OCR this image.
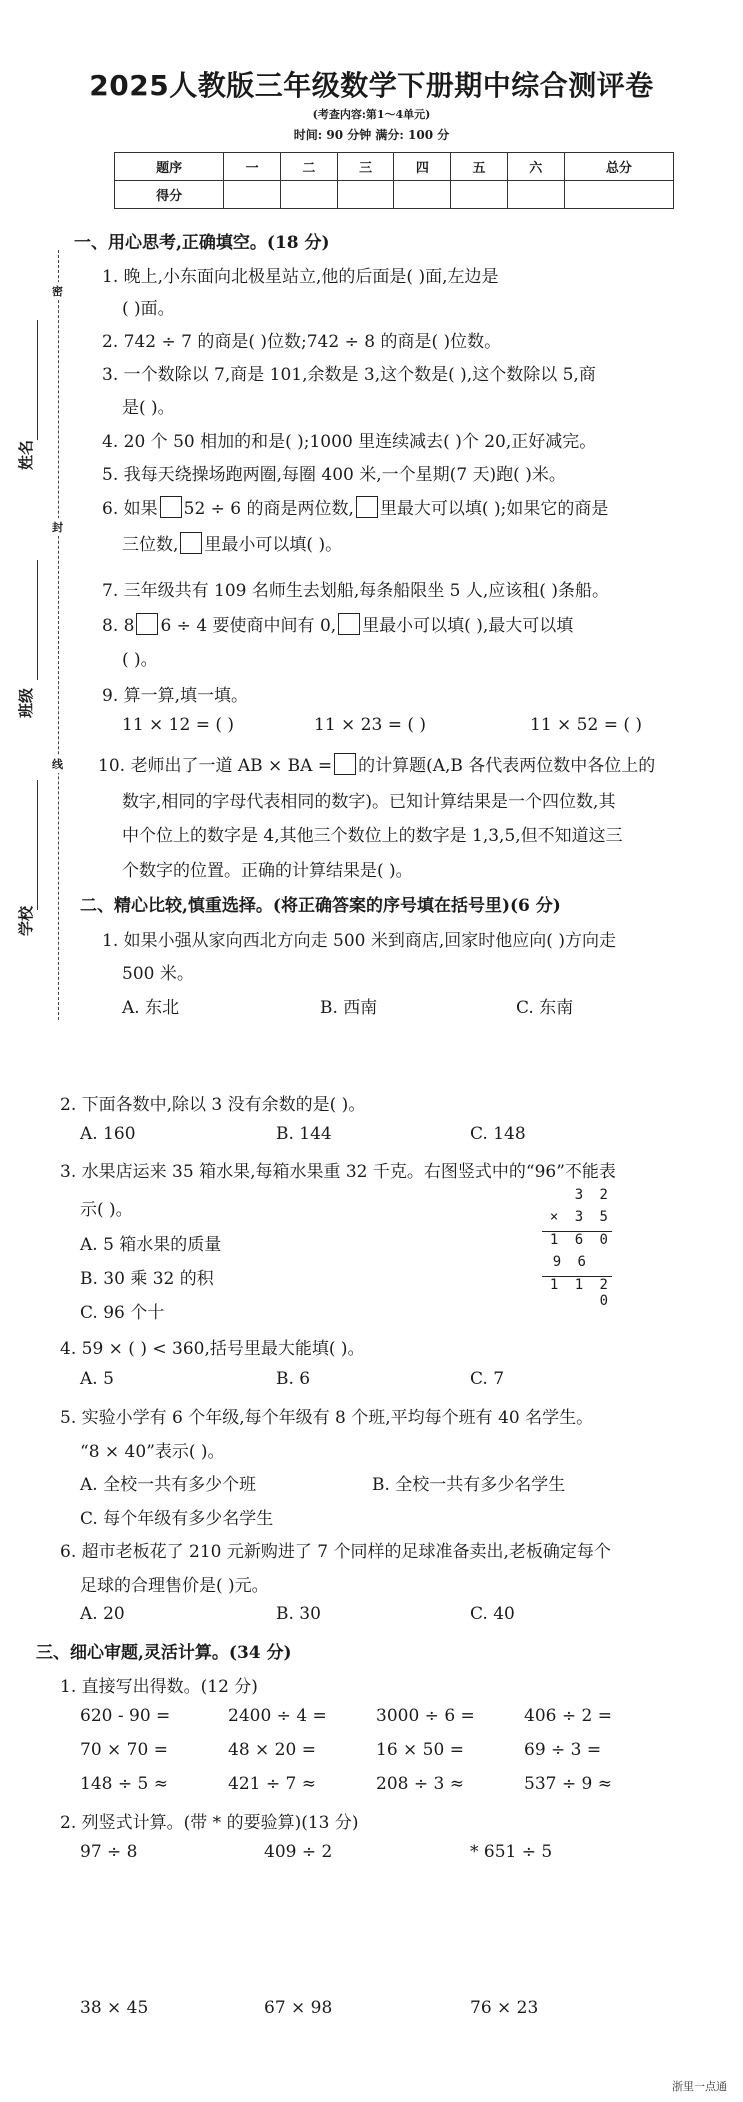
2025人教版三年级数学下册期中综合测评卷
(考查内容:第1～4单元)
时间: 90 分钟 满分: 100 分
题序	一	二	三	四	五	六	总分
得分							
密
封
线
姓名
班级
学校
一、用心思考,正确填空。(18 分)
1. 晚上,小东面向北极星站立,他的后面是( )面,左边是
( )面。
2. 742 ÷ 7 的商是( )位数;742 ÷ 8 的商是( )位数。
3. 一个数除以 7,商是 101,余数是 3,这个数是( ),这个数除以 5,商
是( )。
4. 20 个 50 相加的和是( );1000 里连续减去( )个 20,正好减完。
5. 我每天绕操场跑两圈,每圈 400 米,一个星期(7 天)跑( )米。
6. 如果 52 ÷ 6 的商是两位数, 里最大可以填( );如果它的商是
三位数, 里最小可以填( )。
7. 三年级共有 109 名师生去划船,每条船限坐 5 人,应该租( )条船。
8. 8 6 ÷ 4 要使商中间有 0, 里最小可以填( ),最大可以填
( )。
9. 算一算,填一填。
11 × 12 = ( )	11 × 23 = ( )	11 × 52 = ( )
10. 老师出了一道 AB × BA = 的计算题(A,B 各代表两位数中各位上的
数字,相同的字母代表相同的数字)。已知计算结果是一个四位数,其
中个位上的数字是 4,其他三个数位上的数字是 1,3,5,但不知道这三
个数字的位置。正确的计算结果是( )。
二、精心比较,慎重选择。(将正确答案的序号填在括号里)(6 分)
1. 如果小强从家向西北方向走 500 米到商店,回家时他应向( )方向走
500 米。
A. 东北	B. 西南	C. 东南
2. 下面各数中,除以 3 没有余数的是( )。
A. 160	B. 144	C. 148
3. 水果店运来 35 箱水果,每箱水果重 32 千克。右图竖式中的“96”不能表
示( )。
A. 5 箱水果的质量
B. 30 乘 32 的积
C. 96 个十
3 2
× 3 5
1 6 0
9 6
1 1 2 0
4. 59 × ( ) < 360,括号里最大能填( )。
A. 5	B. 6	C. 7
5. 实验小学有 6 个年级,每个年级有 8 个班,平均每个班有 40 名学生。
“8 × 40”表示( )。
A. 全校一共有多少个班	B. 全校一共有多少名学生
C. 每个年级有多少名学生
6. 超市老板花了 210 元新购进了 7 个同样的足球准备卖出,老板确定每个
足球的合理售价是( )元。
A. 20	B. 30	C. 40
三、细心审题,灵活计算。(34 分)
1. 直接写出得数。(12 分)
620 - 90 =	2400 ÷ 4 =	3000 ÷ 6 =	406 ÷ 2 =
70 × 70 =	48 × 20 =	16 × 50 =	69 ÷ 3 =
148 ÷ 5 ≈	421 ÷ 7 ≈	208 ÷ 3 ≈	537 ÷ 9 ≈
2. 列竖式计算。(带 * 的要验算)(13 分)
97 ÷ 8	409 ÷ 2	* 651 ÷ 5
38 × 45	67 × 98	76 × 23
浙里一点通
